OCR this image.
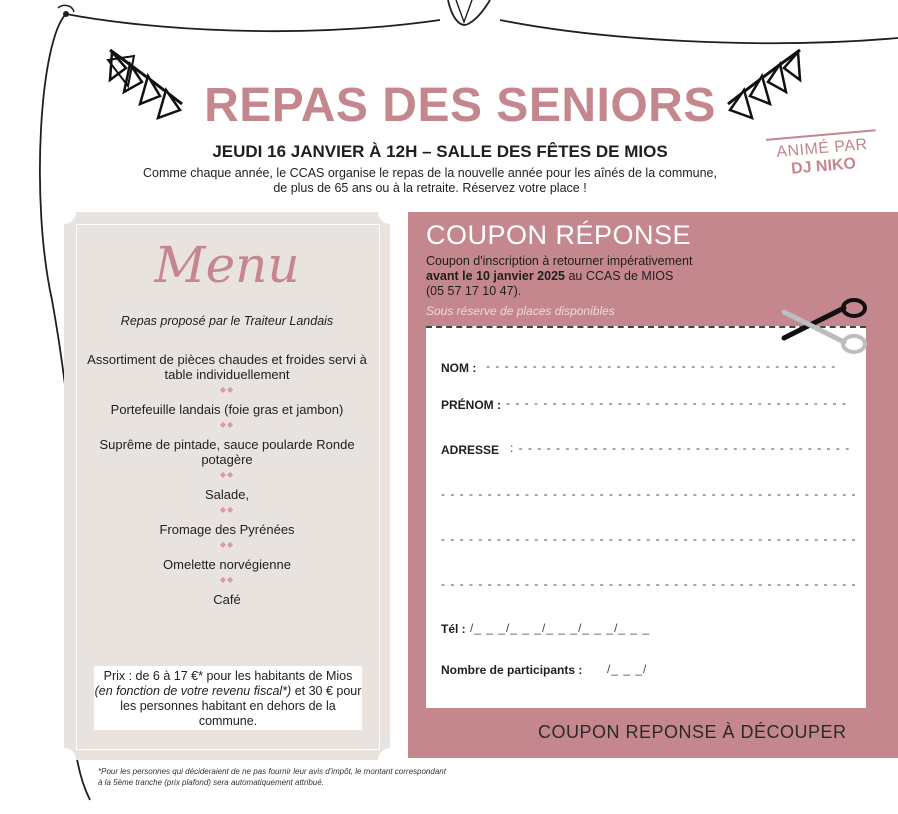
REPAS DES SENIORS
JEUDI 16 JANVIER À 12H – SALLE DES FÊTES DE MIOS
Comme chaque année, le CCAS organise le repas de la nouvelle année pour les aînés de la commune,
de plus de 65 ans ou à la retraite. Réservez votre place !
ANIMÉ PAR
DJ NIKO
Menu
Repas proposé par le Traiteur Landais
Assortiment de pièces chaudes et froides servi à table individuellement
◆◆
Portefeuille landais (foie gras et jambon)
◆◆
Suprême de pintade, sauce poularde Ronde potagère
◆◆
Salade,
◆◆
Fromage des Pyrénées
◆◆
Omelette norvégienne
◆◆
Café
Prix : de 6 à 17 €* pour les habitants de Mios (en fonction de votre revenu fiscal*) et 30 € pour les personnes habitant en dehors de la commune.
COUPON RÉPONSE
Coupon d'inscription à retourner impérativement
avant le 10 janvier 2025 au CCAS de MIOS
(05 57 17 10 47).
Sous réserve de places disponibles
NOM : - - - - - - - - - - - - - - - - - - - - - - - - - - - - - - - - - - - - - -
PRÉNOM : - - - - - - - - - - - - - - - - - - - - - - - - - - - - - - - - - - - - -
ADRESSE : - - - - - - - - - - - - - - - - - - - - - - - - - - - - - - - - - - - -
- - - - - - - - - - - - - - - - - - - - - - - - - - - - - - - - - - - - - - - - - - - - -
- - - - - - - - - - - - - - - - - - - - - - - - - - - - - - - - - - - - - - - - - - - - -
- - - - - - - - - - - - - - - - - - - - - - - - - - - - - - - - - - - - - - - - - - - - -
Tél : /_ _ _/_ _ _/_ _ _/_ _ _/_ _ _
Nombre de participants : /_ _ _/
COUPON REPONSE À DÉCOUPER
*Pour les personnes qui décideraient de ne pas fournir leur avis d'impôt, le montant correspondant
à la 5ème tranche (prix plafond) sera automatiquement attribué.
